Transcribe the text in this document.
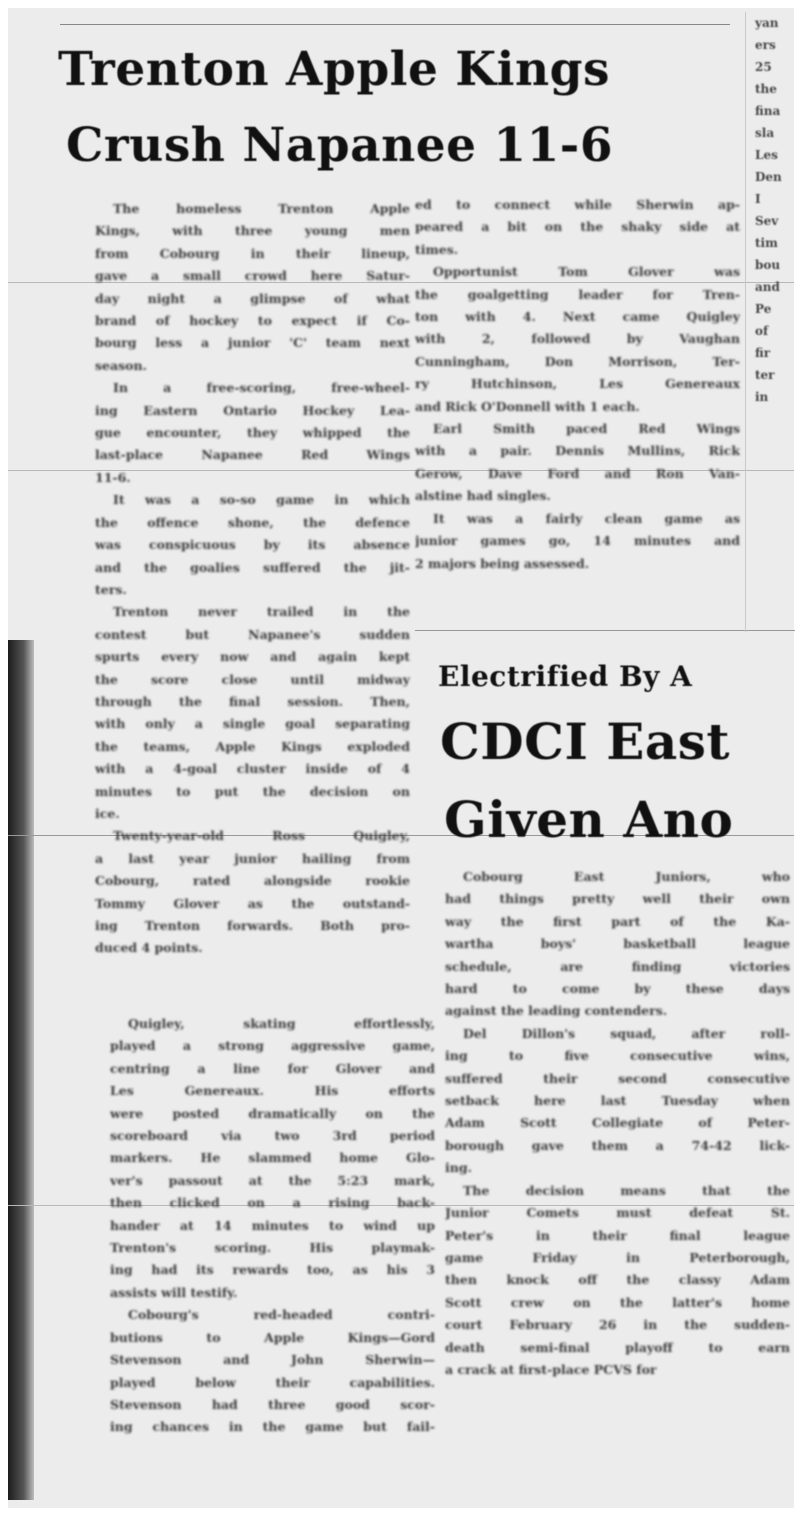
Trenton Apple Kings
Crush Napanee 11-6
The homeless Trenton Apple
Kings, with three young men
from Cobourg in their lineup,
gave a small crowd here Satur-
day night a glimpse of what
brand of hockey to expect if Co-
bourg less a junior 'C' team next
season.
In a free-scoring, free-wheel-
ing Eastern Ontario Hockey Lea-
gue encounter, they whipped the
last-place Napanee Red Wings
11-6.
It was a so-so game in which
the offence shone, the defence
was conspicuous by its absence
and the goalies suffered the jit-
ters.
Trenton never trailed in the
contest but Napanee's sudden
spurts every now and again kept
the score close until midway
through the final session. Then,
with only a single goal separating
the teams, Apple Kings exploded
with a 4-goal cluster inside of 4
minutes to put the decision on
ice.
Twenty-year-old Ross Quigley,
a last year junior hailing from
Cobourg, rated alongside rookie
Tommy Glover as the outstand-
ing Trenton forwards. Both pro-
duced 4 points.
Quigley, skating effortlessly,
played a strong aggressive game,
centring a line for Glover and
Les Genereaux. His efforts
were posted dramatically on the
scoreboard via two 3rd period
markers. He slammed home Glo-
ver's passout at the 5:23 mark,
then clicked on a rising back-
hander at 14 minutes to wind up
Trenton's scoring. His playmak-
ing had its rewards too, as his 3
assists will testify.
Cobourg's red-headed contri-
butions to Apple Kings—Gord
Stevenson and John Sherwin—
played below their capabilities.
Stevenson had three good scor-
ing chances in the game but fail-
ed to connect while Sherwin ap-
peared a bit on the shaky side at
times.
Opportunist Tom Glover was
the goalgetting leader for Tren-
ton with 4. Next came Quigley
with 2, followed by Vaughan
Cunningham, Don Morrison, Ter-
ry Hutchinson, Les Genereaux
and Rick O'Donnell with 1 each.
Earl Smith paced Red Wings
with a pair. Dennis Mullins, Rick
Gerow, Dave Ford and Ron Van-
alstine had singles.
It was a fairly clean game as
junior games go, 14 minutes and
2 majors being assessed.
Electrified By A
CDCI East
Given Ano
Cobourg East Juniors, who
had things pretty well their own
way the first part of the Ka-
wartha boys' basketball league
schedule, are finding victories
hard to come by these days
against the leading contenders.
Del Dillon's squad, after roll-
ing to five consecutive wins,
suffered their second consecutive
setback here last Tuesday when
Adam Scott Collegiate of Peter-
borough gave them a 74-42 lick-
ing.
The decision means that the
Junior Comets must defeat St.
Peter's in their final league
game Friday in Peterborough,
then knock off the classy Adam
Scott crew on the latter's home
court February 26 in the sudden-
death semi-final playoff to earn
a crack at first-place PCVS for
yan
ers
25
the
fina
sla
Les
Den
I
Sev
tim
bou
and
Pe
of
fir
ter
in
